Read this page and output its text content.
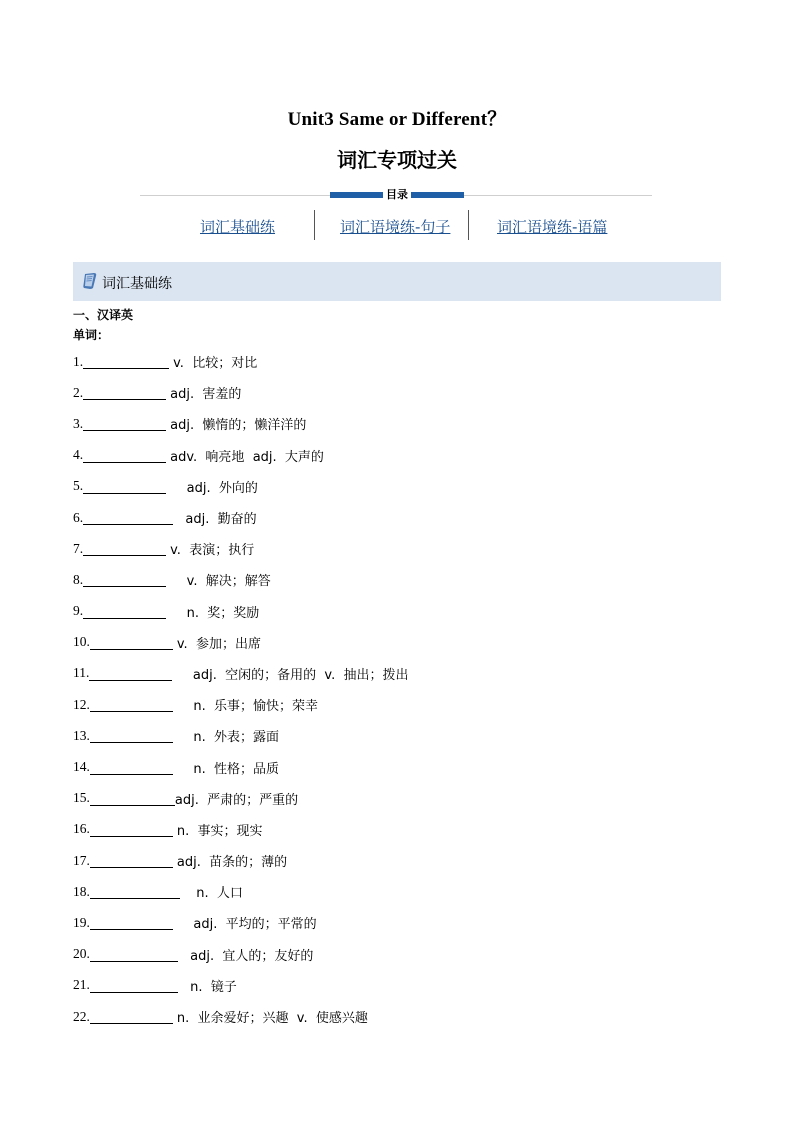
Unit3 Same or Different？
词汇专项过关
目录
词汇基础练	词汇语境练-句子	词汇语境练-语篇
词汇基础练
一、汉译英
单词：
1.	v.  比较；对比
2.	adj.  害羞的
3.	adj.  懒惰的；懒洋洋的
4.	adv.  响亮地  adj.  大声的
5.	adj.  外向的
6.	adj.  勤奋的
7.	v.  表演；执行
8.	v.  解决；解答
9.	n.  奖；奖励
10.	v.  参加；出席
11.	adj.  空闲的；备用的  v.  抽出；拨出
12.	n.  乐事；愉快；荣幸
13.	n.  外表；露面
14.	n.  性格；品质
15.	adj.  严肃的；严重的
16.	n.  事实；现实
17.	adj.  苗条的；薄的
18.	n.  人口
19.	adj.  平均的；平常的
20.	adj.  宜人的；友好的
21.	n.  镜子
22.	n.  业余爱好；兴趣  v.  使感兴趣
